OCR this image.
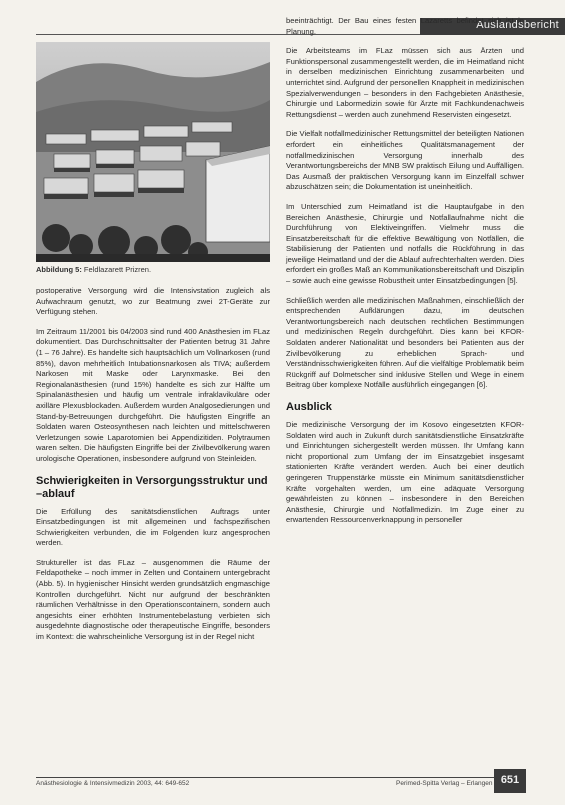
Auslandsbericht
Abbildung 5: Feldlazarett Prizren.

postoperative Versorgung wird die Intensivstation zugleich als Aufwachraum genutzt, wo zur Beatmung zwei 2T-Geräte zur Verfügung stehen.

Im Zeitraum 11/2001 bis 04/2003 sind rund 400 Anästhesien im FLaz dokumentiert. Das Durchschnittsalter der Patienten betrug 31 Jahre (1 – 76 Jahre). Es handelte sich hauptsächlich um Vollnarkosen (rund 85%), davon mehrheitlich Intubationsnarkosen als TIVA; außerdem Narkosen mit Maske oder Larynxmaske. Bei den Regionalanästhesien (rund 15%) handelte es sich zur Hälfte um Spinalanästhesien und häufig um ventrale infraklavikuläre oder axilläre Plexusblockaden. Außerdem wurden Analgosedierungen und Stand-by-Betreuungen durchgeführt. Die häufigsten Eingriffe an Soldaten waren Osteosynthesen nach leichten und mittelschweren Verletzungen sowie Laparotomien bei Appendizitiden. Polytraumen waren selten. Die häufigsten Eingriffe bei der Zivilbevölkerung waren urologische Operationen, insbesondere aufgrund von Steinleiden.

Schwierigkeiten in Versorgungsstruktur und –ablauf

Die Erfüllung des sanitätsdienstlichen Auftrags unter Einsatzbedingungen ist mit allgemeinen und fachspezifischen Schwierigkeiten verbunden, die im Folgenden kurz angesprochen werden.

Struktureller ist das FLaz – ausgenommen die Räume der Feldapotheke – noch immer in Zelten und Containern untergebracht (Abb. 5). In hygienischer Hinsicht werden grundsätzlich engmaschige Kontrollen durchgeführt. Nicht nur aufgrund der beschränkten räumlichen Verhältnisse in den Operationscontainern, sondern auch angesichts einer erhöhten Instrumentebelastung verbieten sich ausgedehnte diagnostische oder therapeutische Eingriffe, besonders im Kontext: die wahrscheinliche Versorgung ist in der Regel nicht

beeinträchtigt. Der Bau eines festen Lazaretts befindet sich ist in Planung.

Die Arbeitsteams im FLaz müssen sich aus Ärzten und Funktionspersonal zusammengestellt werden, die im Heimatland nicht in derselben medizinischen Einrichtung zusammenarbeiten und unterrichtet sind. Aufgrund der personellen Knappheit in medizinischen Spezialverwendungen – besonders in den Fachgebieten Anästhesie, Chirurgie und Labormedizin sowie für Ärzte mit Fachkundenachweis Rettungsdienst – werden auch zunehmend Reservisten eingesetzt.

Die Vielfalt notfallmedizinischer Rettungsmittel der beteiligten Nationen erfordert ein einheitliches Qualitätsmanagement der notfallmedizinischen Versorgung innerhalb des Verantwortungsbereichs der MNB SW praktisch Eilung und Auffälligen. Das Ausmaß der praktischen Versorgung kann im Einzelfall schwer abzuschätzen sein; die Dokumentation ist uneinheitlich.

Im Unterschied zum Heimatland ist die Hauptaufgabe in den Bereichen Anästhesie, Chirurgie und Notfallaufnahme nicht die Durchführung von Elektiveingriffen. Vielmehr muss die Einsatzbereitschaft für die effektive Bewältigung von Notfällen, die Stabilisierung der Patienten und notfalls die Rückführung in das jeweilige Heimatland und der die Ablauf aufrechterhalten werden. Dies erfordert ein großes Maß an Kommunikationsbereitschaft und Disziplin – sowie auch eine gewisse Robustheit unter Einsatzbedingungen [5].

Schließlich werden alle medizinischen Maßnahmen, einschließlich der entsprechenden Aufklärungen dazu, im deutschen Verantwortungsbereich nach deutschen rechtlichen Bestimmungen und medizinischen Regeln durchgeführt. Dies kann bei KFOR-Soldaten anderer Nationalität und besonders bei Patienten aus der Zivilbevölkerung zu erheblichen Sprach- und Verständnisschwierigkeiten führen. Auf die vielfältige Problematik beim Rückgriff auf Dolmetscher sind inklusive Stellen und Wege in einem Beitrag über komplexe Notfälle ausführlich eingegangen [6].

Ausblick

Die medizinische Versorgung der im Kosovo eingesetzten KFOR-Soldaten wird auch in Zukunft durch sanitätsdienstliche Einsatzkräfte und Einrichtungen sichergestellt werden müssen. Ihr Umfang kann nicht proportional zum Umfang der im Einsatzgebiet insgesamt stationierten Kräfte verändert werden. Auch bei einer deutlich geringeren Truppenstärke müsste ein Minimum sanitätsdienstlicher Kräfte vorgehalten werden, um eine adäquate Versorgung gewährleisten zu können – insbesondere in den Bereichen Anästhesie, Chirurgie und Notfallmedizin. Im Zuge einer zu erwartenden Ressourcenverknappung in personeller

Anästhesiologie & Intensivmedizin 2003, 44: 649-652	Perimed-Spitta Verlag – Erlangen 651
